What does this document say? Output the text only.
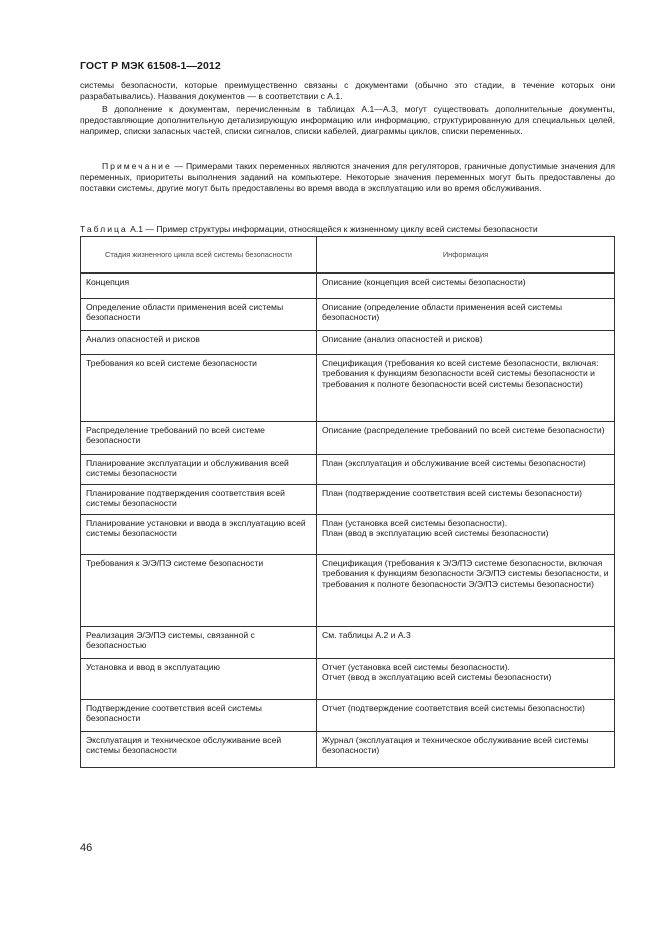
ГОСТ Р МЭК 61508-1—2012

системы безопасности, которые преимущественно связаны с документами (обычно это стадии, в течение которых они разрабатывались). Названия документов — в соответствии с А.1.

В дополнение к документам, перечисленным в таблицах А.1—А.3, могут существовать дополнительные документы, предоставляющие дополнительную детализирующую информацию или информацию, структурированную для специальных целей, например, списки запасных частей, списки сигналов, списки кабелей, диаграммы циклов, списки переменных.

Примечание — Примерами таких переменных являются значения для регуляторов, граничные допустимые значения для переменных, приоритеты выполнения заданий на компьютере. Некоторые значения переменных могут быть предоставлены до поставки системы, другие могут быть предоставлены во время ввода в эксплуатацию или во время обслуживания.

Таблица А.1 — Пример структуры информации, относящейся к жизненному циклу всей системы безопасности
Стадия жизненного цикла всей системы безопасности	Информация
Концепция	Описание (концепция всей системы безопасности)
Определение области применения всей системы безопасности	Описание (определение области применения всей системы безопасности)
Анализ опасностей и рисков	Описание (анализ опасностей и рисков)
Требования ко всей системе безопасности	Спецификация (требования ко всей системе безопасности, включая: требования к функциям безопасности всей системы безопасности и требования к полноте безопасности всей системы безопасности)
Распределение требований по всей системе безопасности	Описание (распределение требований по всей системе безопасности)
Планирование эксплуатации и обслуживания всей системы безопасности	План (эксплуатация и обслуживание всей системы безопасности)
Планирование подтверждения соответствия всей системы безопасности	План (подтверждение соответствия всей системы безопасности)
Планирование установки и ввода в эксплуатацию всей системы безопасности	План (установка всей системы безопасности).
План (ввод в эксплуатацию всей системы безопасности)
Требования к Э/Э/ПЭ системе безопасности	Спецификация (требования к Э/Э/ПЭ системе безопасности, включая требования к функциям безопасности Э/Э/ПЭ системы безопасности, и требования к полноте безопасности Э/Э/ПЭ системы безопасности)
Реализация Э/Э/ПЭ системы, связанной с безопасностью	См. таблицы А.2 и А.3
Установка и ввод в эксплуатацию	Отчет (установка всей системы безопасности).
Отчет (ввод в эксплуатацию всей системы безопасности)
Подтверждение соответствия всей системы безопасности	Отчет (подтверждение соответствия всей системы безопасности)
Эксплуатация и техническое обслуживание всей системы безопасности	Журнал (эксплуатация и техническое обслуживание всей системы безопасности)
46
